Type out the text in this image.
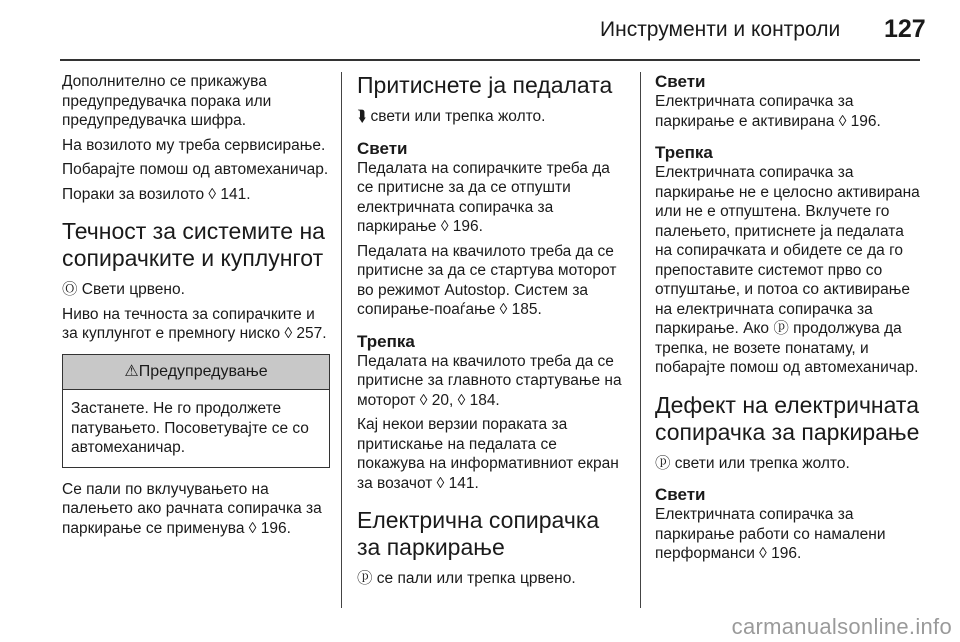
Инструменти и контроли 127

Дополнително се прикажува предупредувачка порака или предупредувачка шифра.

На возилото му треба сервисирање.

Побарајте помош од автомеханичар.

Пораки за возилото ◊ 141.

Течност за системите на сопирачките и куплунгот

Ⓞ Свети црвено.

Ниво на течноста за сопирачките и за куплунгот е премногу ниско ◊ 257.

⚠Предупредување
Застанете. Не го продолжете патувањето. Посоветувајте се со автомеханичар.

Се пали по вклучувањето на палењето ако рачната сопирачка за паркирање се применува ◊ 196.

Притиснете ја педалата

⮯ свети или трепка жолто.

Свети

Педалата на сопирачките треба да се притисне за да се отпушти електричната сопирачка за паркирање ◊ 196.

Педалата на квачилото треба да се притисне за да се стартува моторот во режимот Autostop. Систем за сопирање-поаѓање ◊ 185.

Трепка

Педалата на квачилото треба да се притисне за главното стартување на моторот ◊ 20, ◊ 184.

Кај некои верзии пораката за притискање на педалата се покажува на информативниот екран за возачот ◊ 141.

Електрична сопирачка за паркирање

ⓟ се пали или трепка црвено.

Свети

Електричната сопирачка за паркирање е активирана ◊ 196.

Трепка

Електричната сопирачка за паркирање не е целосно активирана или не е отпуштена. Вклучете го палењето, притиснете ја педалата на сопирачката и обидете се да го препоставите системот прво со отпуштање, и потоа со активирање на електричната сопирачка за паркирање. Ако ⓟ продолжува да трепка, не возете понатаму, и побарајте помош од автомеханичар.

Дефект на електричната сопирачка за паркирање

ⓟ свети или трепка жолто.

Свети

Електричната сопирачка за паркирање работи со намалени перформанси ◊ 196.

carmanualsonline.info
